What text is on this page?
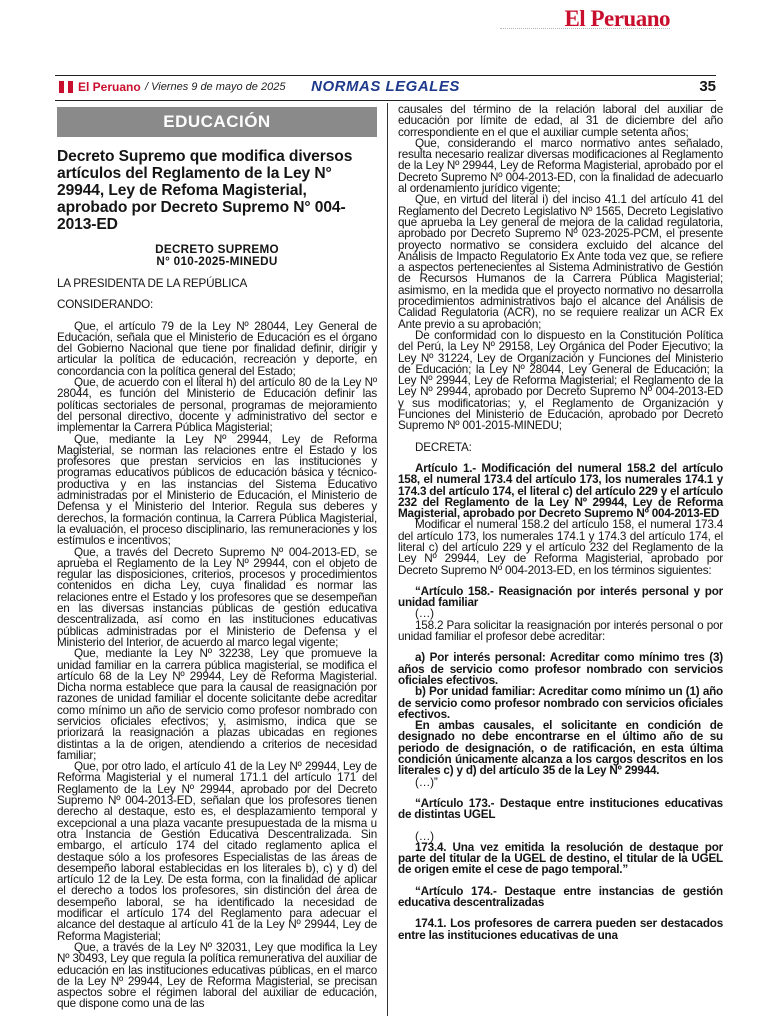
El Peruano
El Peruano / Viernes 9 de mayo de 2025	NORMAS LEGALES	35
EDUCACIÓN
Decreto Supremo que modifica diversos artículos del Reglamento de la Ley N° 29944, Ley de Refoma Magisterial, aprobado por Decreto Supremo N° 004-2013-ED
DECRETO SUPREMO
N° 010-2025-MINEDU

LA PRESIDENTA DE LA REPÚBLICA

CONSIDERANDO:

Que, el artículo 79 de la Ley Nº 28044, Ley General de Educación, señala que el Ministerio de Educación es el órgano del Gobierno Nacional que tiene por finalidad definir, dirigir y articular la política de educación, recreación y deporte, en concordancia con la política general del Estado;

Que, de acuerdo con el literal h) del artículo 80 de la Ley Nº 28044, es función del Ministerio de Educación definir las políticas sectoriales de personal, programas de mejoramiento del personal directivo, docente y administrativo del sector e implementar la Carrera Pública Magisterial;

Que, mediante la Ley Nº 29944, Ley de Reforma Magisterial, se norman las relaciones entre el Estado y los profesores que prestan servicios en las instituciones y programas educativos públicos de educación básica y técnico-productiva y en las instancias del Sistema Educativo administradas por el Ministerio de Educación, el Ministerio de Defensa y el Ministerio del Interior. Regula sus deberes y derechos, la formación continua, la Carrera Pública Magisterial, la evaluación, el proceso disciplinario, las remuneraciones y los estímulos e incentivos;

Que, a través del Decreto Supremo Nº 004-2013-ED, se aprueba el Reglamento de la Ley Nº 29944, con el objeto de regular las disposiciones, criterios, procesos y procedimientos contenidos en dicha Ley, cuya finalidad es normar las relaciones entre el Estado y los profesores que se desempeñan en las diversas instancias públicas de gestión educativa descentralizada, así como en las instituciones educativas públicas administradas por el Ministerio de Defensa y el Ministerio del Interior, de acuerdo al marco legal vigente;

Que, mediante la Ley Nº 32238, Ley que promueve la unidad familiar en la carrera pública magisterial, se modifica el artículo 68 de la Ley Nº 29944, Ley de Reforma Magisterial. Dicha norma establece que para la causal de reasignación por razones de unidad familiar el docente solicitante debe acreditar como mínimo un año de servicio como profesor nombrado con servicios oficiales efectivos; y, asimismo, indica que se priorizará la reasignación a plazas ubicadas en regiones distintas a la de origen, atendiendo a criterios de necesidad familiar;

Que, por otro lado, el artículo 41 de la Ley Nº 29944, Ley de Reforma Magisterial y el numeral 171.1 del artículo 171 del Reglamento de la Ley Nº 29944, aprobado por del Decreto Supremo Nº 004-2013-ED, señalan que los profesores tienen derecho al destaque, esto es, el desplazamiento temporal y excepcional a una plaza vacante presupuestada de la misma u otra Instancia de Gestión Educativa Descentralizada. Sin embargo, el artículo 174 del citado reglamento aplica el destaque sólo a los profesores Especialistas de las áreas de desempeño laboral establecidas en los literales b), c) y d) del artículo 12 de la Ley. De esta forma, con la finalidad de aplicar el derecho a todos los profesores, sin distinción del área de desempeño laboral, se ha identificado la necesidad de modificar el artículo 174 del Reglamento para adecuar el alcance del destaque al artículo 41 de la Ley Nº 29944, Ley de Reforma Magisterial;

Que, a través de la Ley Nº 32031, Ley que modifica la Ley Nº 30493, Ley que regula la política remunerativa del auxiliar de educación en las instituciones educativas públicas, en el marco de la Ley Nº 29944, Ley de Reforma Magisterial, se precisan aspectos sobre el régimen laboral del auxiliar de educación, que dispone como una de las

causales del término de la relación laboral del auxiliar de educación por límite de edad, al 31 de diciembre del año correspondiente en el que el auxiliar cumple setenta años;

Que, considerando el marco normativo antes señalado, resulta necesario realizar diversas modificaciones al Reglamento de la Ley Nº 29944, Ley de Reforma Magisterial, aprobado por el Decreto Supremo Nº 004-2013-ED, con la finalidad de adecuarlo al ordenamiento jurídico vigente;

Que, en virtud del literal i) del inciso 41.1 del artículo 41 del Reglamento del Decreto Legislativo Nº 1565, Decreto Legislativo que aprueba la Ley general de mejora de la calidad regulatoria, aprobado por Decreto Supremo Nº 023-2025-PCM, el presente proyecto normativo se considera excluido del alcance del Análisis de Impacto Regulatorio Ex Ante toda vez que, se refiere a aspectos pertenecientes al Sistema Administrativo de Gestión de Recursos Humanos de la Carrera Pública Magisterial; asimismo, en la medida que el proyecto normativo no desarrolla procedimientos administrativos bajo el alcance del Análisis de Calidad Regulatoria (ACR), no se requiere realizar un ACR Ex Ante previo a su aprobación;

De conformidad con lo dispuesto en la Constitución Política del Perú, la Ley Nº 29158, Ley Orgánica del Poder Ejecutivo; la Ley Nº 31224, Ley de Organización y Funciones del Ministerio de Educación; la Ley Nº 28044, Ley General de Educación; la Ley Nº 29944, Ley de Reforma Magisterial; el Reglamento de la Ley Nº 29944, aprobado por Decreto Supremo Nº 004-2013-ED y sus modificatorias; y, el Reglamento de Organización y Funciones del Ministerio de Educación, aprobado por Decreto Supremo Nº 001-2015-MINEDU;

DECRETA:

Artículo 1.- Modificación del numeral 158.2 del artículo 158, el numeral 173.4 del artículo 173, los numerales 174.1 y 174.3 del artículo 174, el literal c) del artículo 229 y el artículo 232 del Reglamento de la Ley Nº 29944, Ley de Reforma Magisterial, aprobado por Decreto Supremo Nº 004-2013-ED

Modificar el numeral 158.2 del artículo 158, el numeral 173.4 del artículo 173, los numerales 174.1 y 174.3 del artículo 174, el literal c) del artículo 229 y el artículo 232 del Reglamento de la Ley Nº 29944, Ley de Reforma Magisterial, aprobado por Decreto Supremo Nº 004-2013-ED, en los términos siguientes:

“Artículo 158.- Reasignación por interés personal y por unidad familiar

(…)

158.2 Para solicitar la reasignación por interés personal o por unidad familiar el profesor debe acreditar:

a) Por interés personal: Acreditar como mínimo tres (3) años de servicio como profesor nombrado con servicios oficiales efectivos.

b) Por unidad familiar: Acreditar como mínimo un (1) año de servicio como profesor nombrado con servicios oficiales efectivos.

En ambas causales, el solicitante en condición de designado no debe encontrarse en el último año de su periodo de designación, o de ratificación, en esta última condición únicamente alcanza a los cargos descritos en los literales c) y d) del artículo 35 de la Ley Nº 29944.

(…)”

“Artículo 173.- Destaque entre instituciones educativas de distintas UGEL

(…)

173.4. Una vez emitida la resolución de destaque por parte del titular de la UGEL de destino, el titular de la UGEL de origen emite el cese de pago temporal.”

“Artículo 174.- Destaque entre instancias de gestión educativa descentralizadas

174.1. Los profesores de carrera pueden ser destacados entre las instituciones educativas de una
